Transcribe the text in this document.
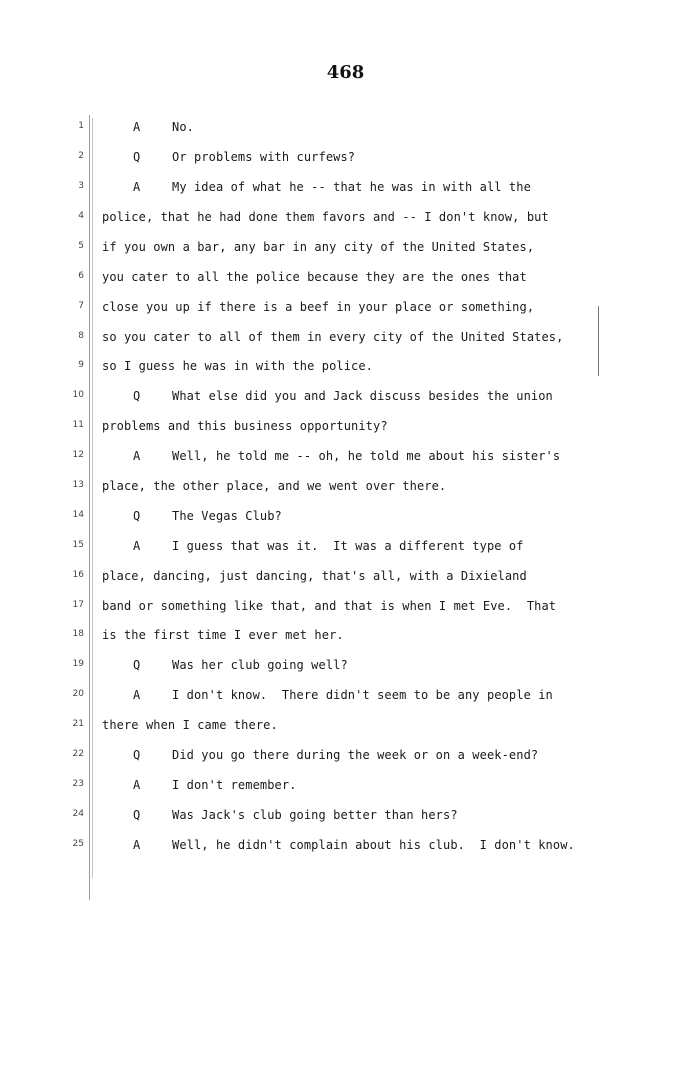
468
1
2
3
4
5
6
7
8
9
10
11
12
13
14
15
16
17
18
19
20
21
22
23
24
25
A	No.
Q	Or problems with curfews?
A	My idea of what he -- that he was in with all the
police, that he had done them favors and -- I don't know, but
if you own a bar, any bar in any city of the United States,
you cater to all the police because they are the ones that
close you up if there is a beef in your place or something,
so you cater to all of them in every city of the United States,
so I guess he was in with the police.
Q	What else did you and Jack discuss besides the union
problems and this business opportunity?
A	Well, he told me -- oh, he told me about his sister's
place, the other place, and we went over there.
Q	The Vegas Club?
A	I guess that was it.  It was a different type of
place, dancing, just dancing, that's all, with a Dixieland
band or something like that, and that is when I met Eve.  That
is the first time I ever met her.
Q	Was her club going well?
A	I don't know.  There didn't seem to be any people in
there when I came there.
Q	Did you go there during the week or on a week-end?
A	I don't remember.
Q	Was Jack's club going better than hers?
A	Well, he didn't complain about his club.  I don't know.
